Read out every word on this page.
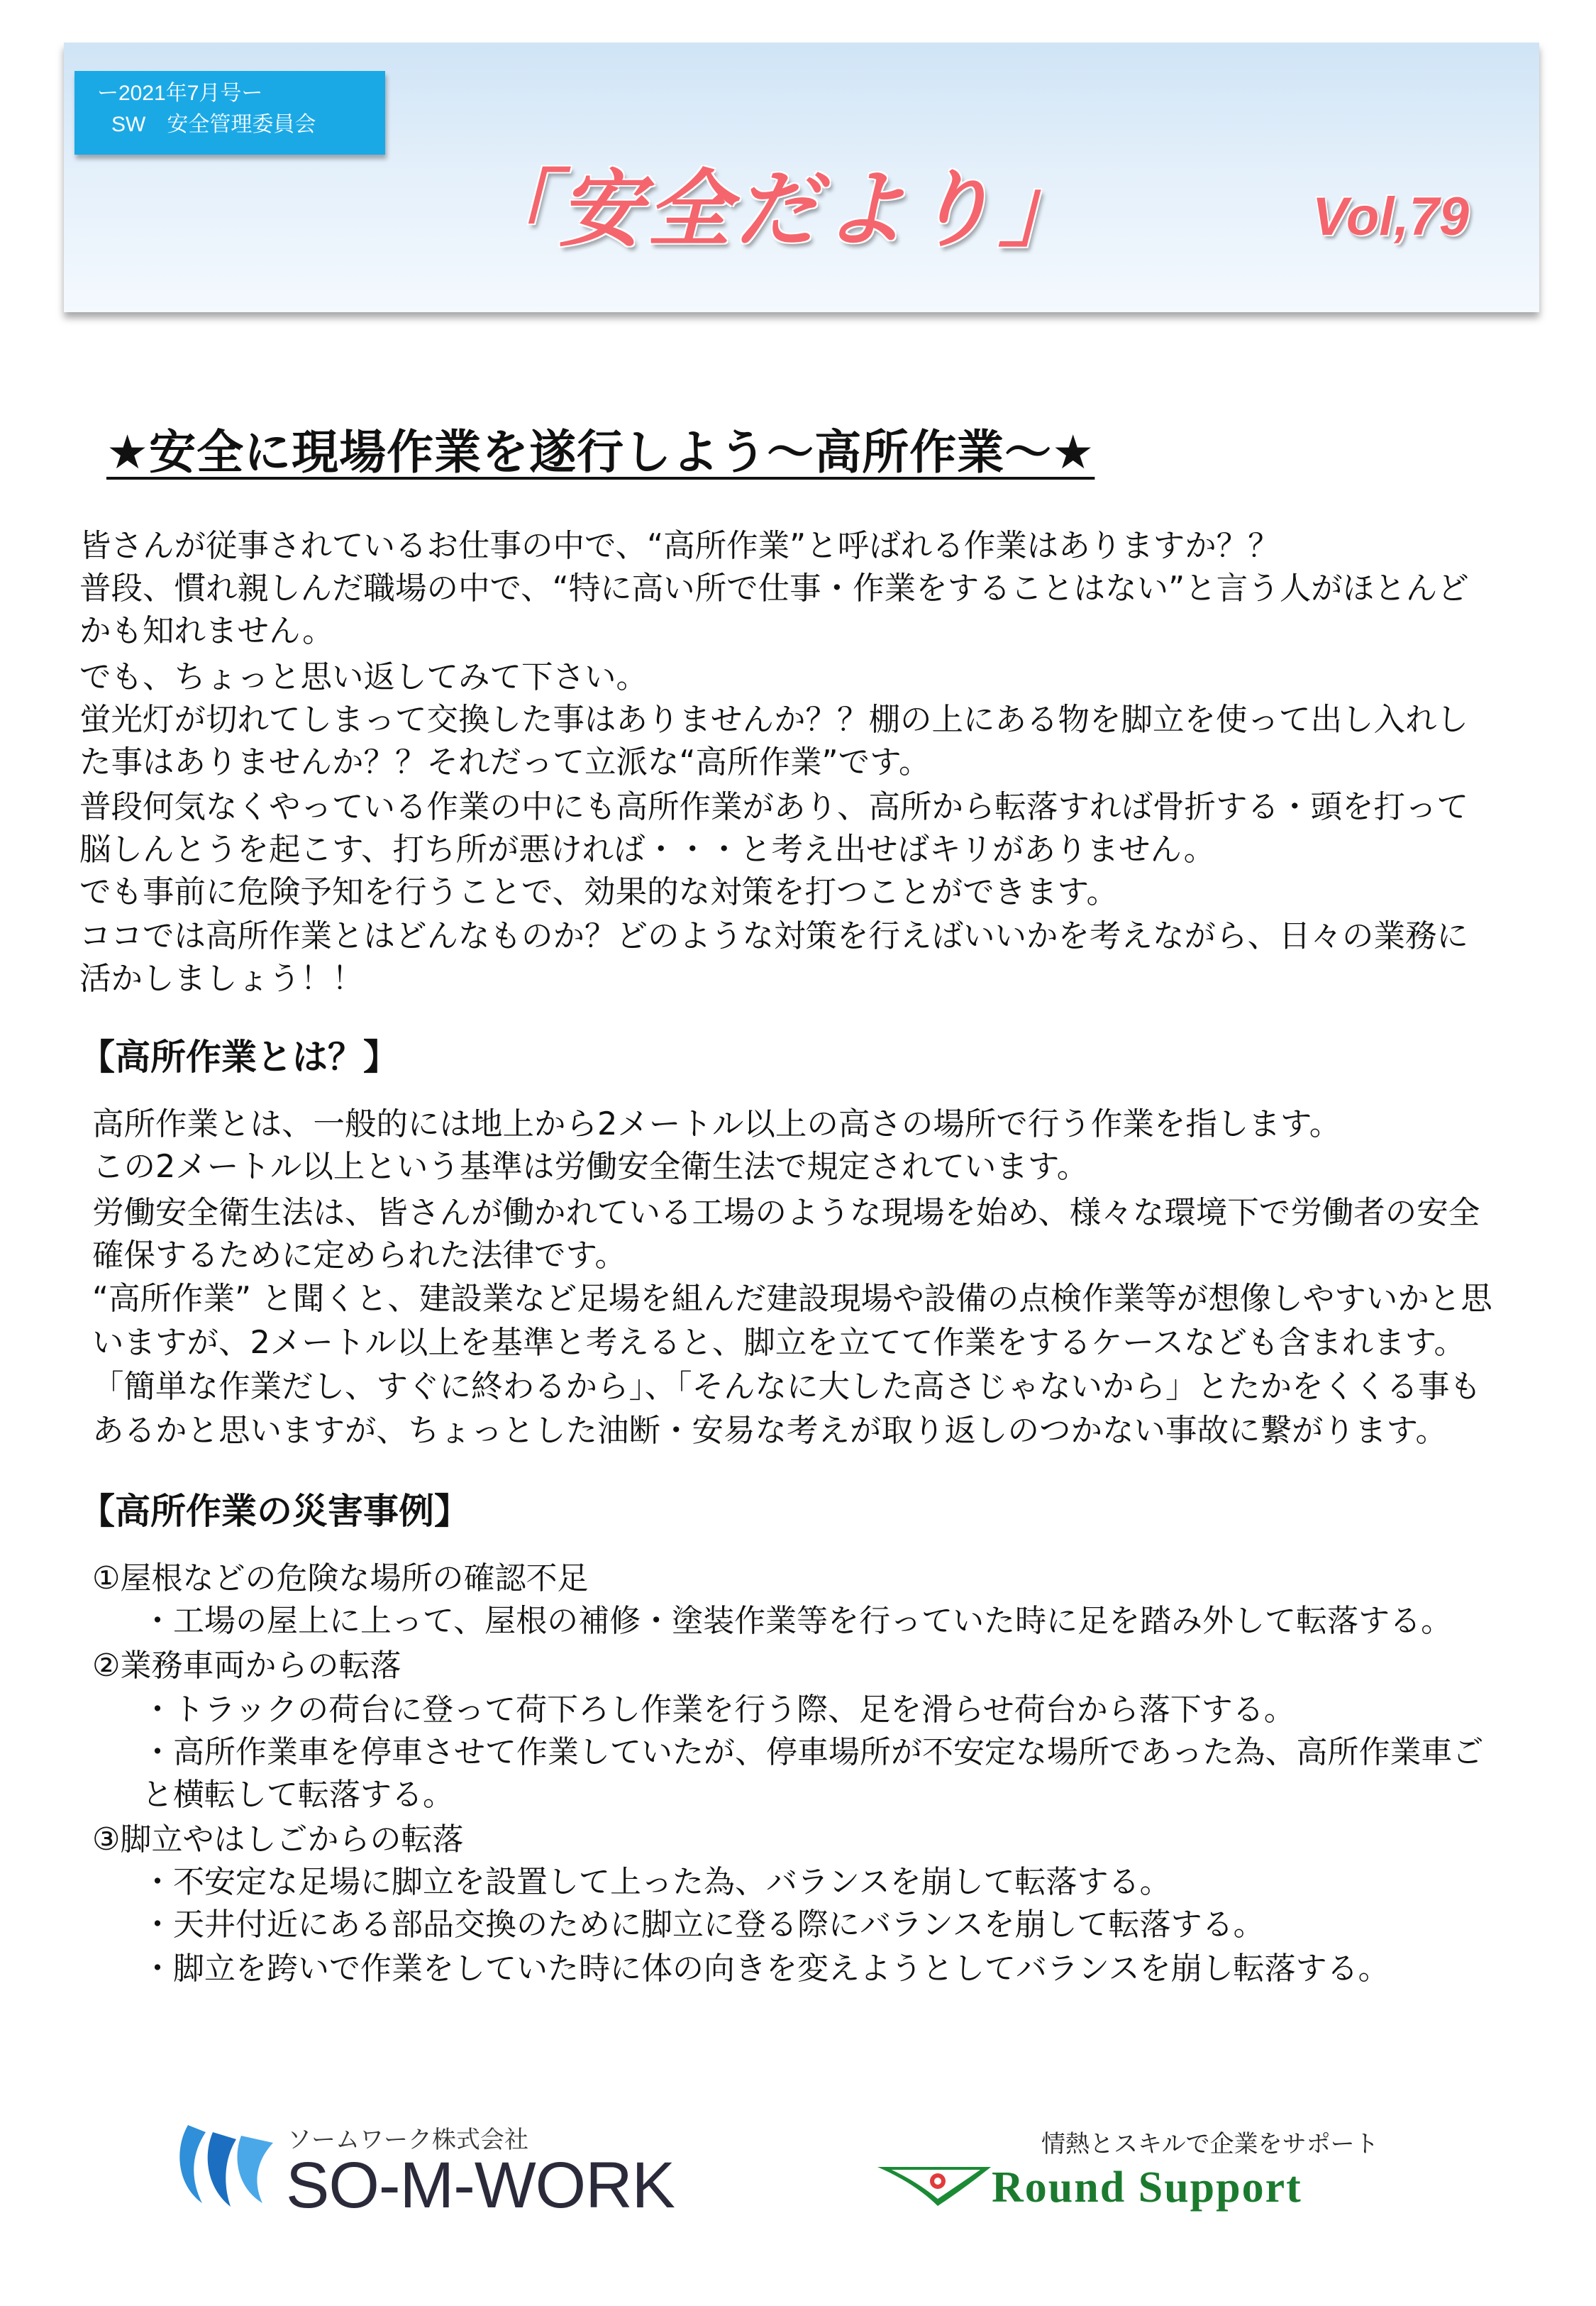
ー2021年7月号ー
SW　安全管理委員会
「安全だより」	Vol,79
★安全に現場作業を遂行しよう～高所作業～★

皆さんが従事されているお仕事の中で、“高所作業”と呼ばれる作業はありますか？？

普段、慣れ親しんだ職場の中で、“特に高い所で仕事・作業をすることはない”と言う人がほとんどかも知れません。

でも、ちょっと思い返してみて下さい。

蛍光灯が切れてしまって交換した事はありませんか？？棚の上にある物を脚立を使って出し入れした事はありませんか？？それだって立派な“高所作業”です。

普段何気なくやっている作業の中にも高所作業があり、高所から転落すれば骨折する・頭を打って脳しんとうを起こす、打ち所が悪ければ・・・と考え出せばキリがありません。

でも事前に危険予知を行うことで、効果的な対策を打つことができます。

ココでは高所作業とはどんなものか？どのような対策を行えばいいかを考えながら、日々の業務に活かしましょう！！

【高所作業とは？】

高所作業とは、一般的には地上から2メートル以上の高さの場所で行う作業を指します。

この2メートル以上という基準は労働安全衛生法で規定されています。

労働安全衛生法は、皆さんが働かれている工場のような現場を始め、様々な環境下で労働者の安全確保するために定められた法律です。

“高所作業” と聞くと、建設業など足場を組んだ建設現場や設備の点検作業等が想像しやすいかと思いますが、2メートル以上を基準と考えると、脚立を立てて作業をするケースなども含まれます。「簡単な作業だし、すぐに終わるから」、「そんなに大した高さじゃないから」とたかをくくる事もあるかと思いますが、ちょっとした油断・安易な考えが取り返しのつかない事故に繋がります。

【高所作業の災害事例】
①屋根などの危険な場所の確認不足
・工場の屋上に上って、屋根の補修・塗装作業等を行っていた時に足を踏み外して転落する。
②業務車両からの転落
・トラックの荷台に登って荷下ろし作業を行う際、足を滑らせ荷台から落下する。
・高所作業車を停車させて作業していたが、停車場所が不安定な場所であった為、高所作業車ごと横転して転落する。
③脚立やはしごからの転落
・不安定な足場に脚立を設置して上った為、バランスを崩して転落する。
・天井付近にある部品交換のために脚立に登る際にバランスを崩して転落する。
・脚立を跨いで作業をしていた時に体の向きを変えようとしてバランスを崩し転落する。
ソームワーク株式会社
SO-M-WORK
情熱とスキルで企業をサポート
Round Support
